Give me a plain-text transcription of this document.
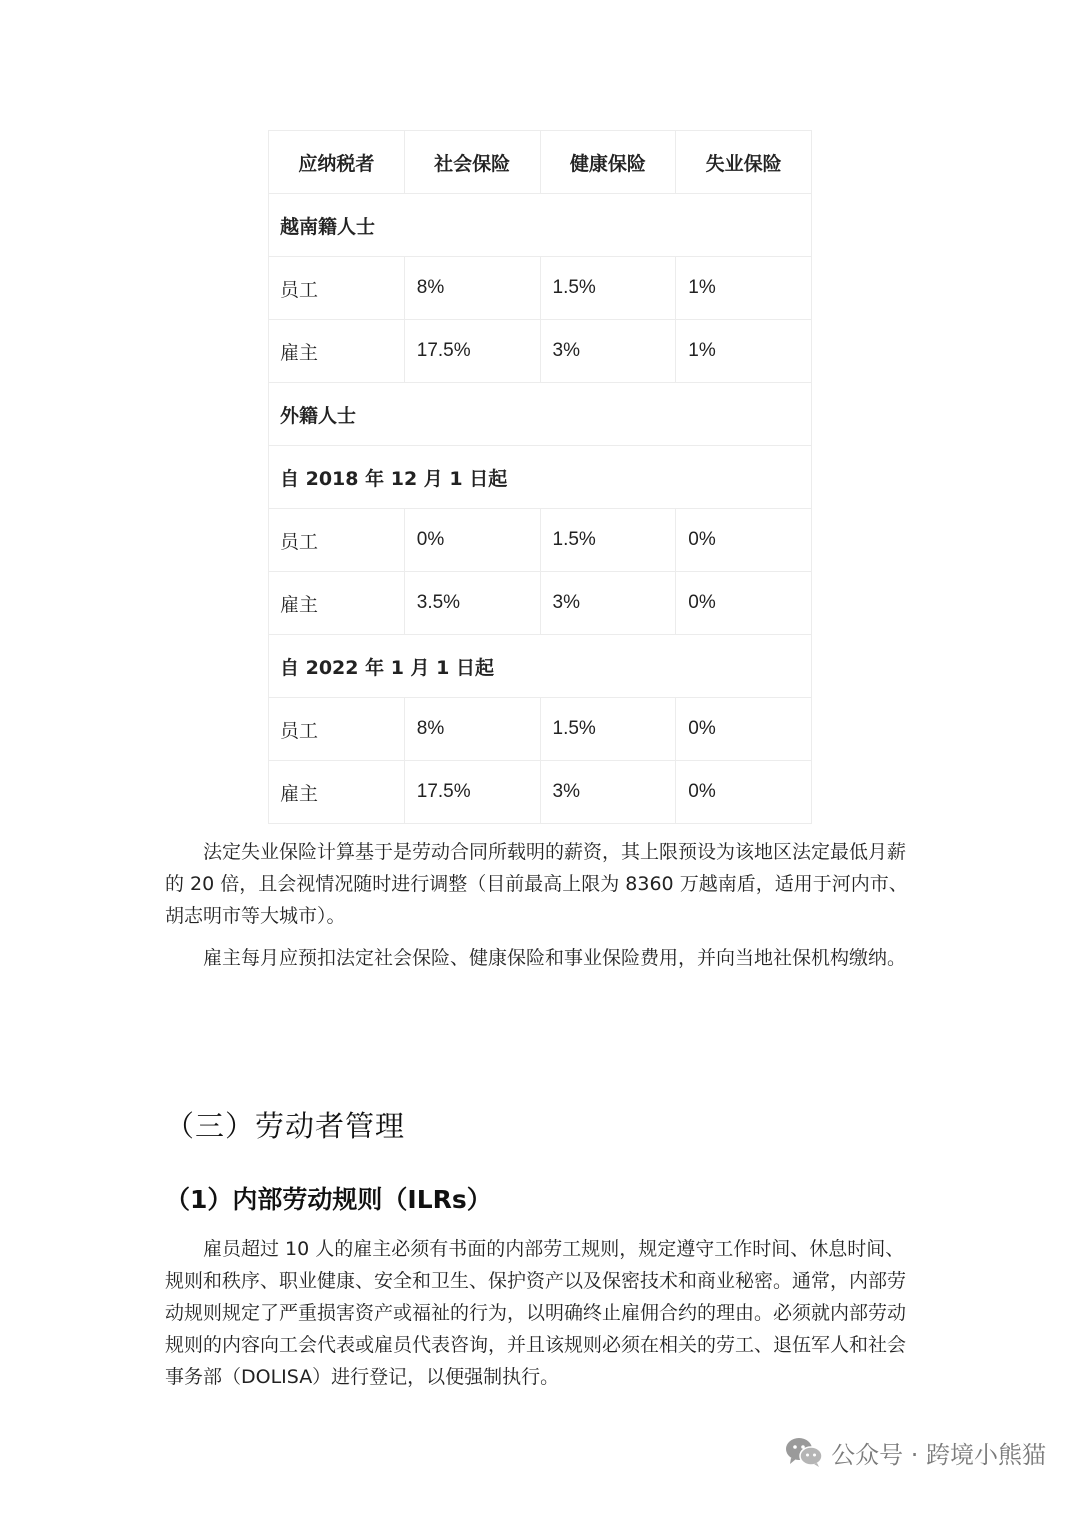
应纳税者	社会保险	健康保险	失业保险
越南籍人士			
员工	8%	1.5%	1%
雇主	17.5%	3%	1%
外籍人士			
自 2018 年 12 月 1 日起			
员工	0%	1.5%	0%
雇主	3.5%	3%	0%
自 2022 年 1 月 1 日起			
员工	8%	1.5%	0%
雇主	17.5%	3%	0%

法定失业保险计算基于是劳动合同所载明的薪资，其上限预设为该地区法定最低月薪的 20 倍，且会视情况随时进行调整（目前最高上限为 8360 万越南盾，适用于河内市、胡志明市等大城市）。

雇主每月应预扣法定社会保险、健康保险和事业保险费用，并向当地社保机构缴纳。

（三）劳动者管理
（1）内部劳动规则（ILRs）

雇员超过 10 人的雇主必须有书面的内部劳工规则，规定遵守工作时间、休息时间、规则和秩序、职业健康、安全和卫生、保护资产以及保密技术和商业秘密。通常，内部劳动规则规定了严重损害资产或福祉的行为，以明确终止雇佣合约的理由。必须就内部劳动规则的内容向工会代表或雇员代表咨询，并且该规则必须在相关的劳工、退伍军人和社会事务部（DOLISA）进行登记，以便强制执行。

公众号 · 跨境小熊猫
